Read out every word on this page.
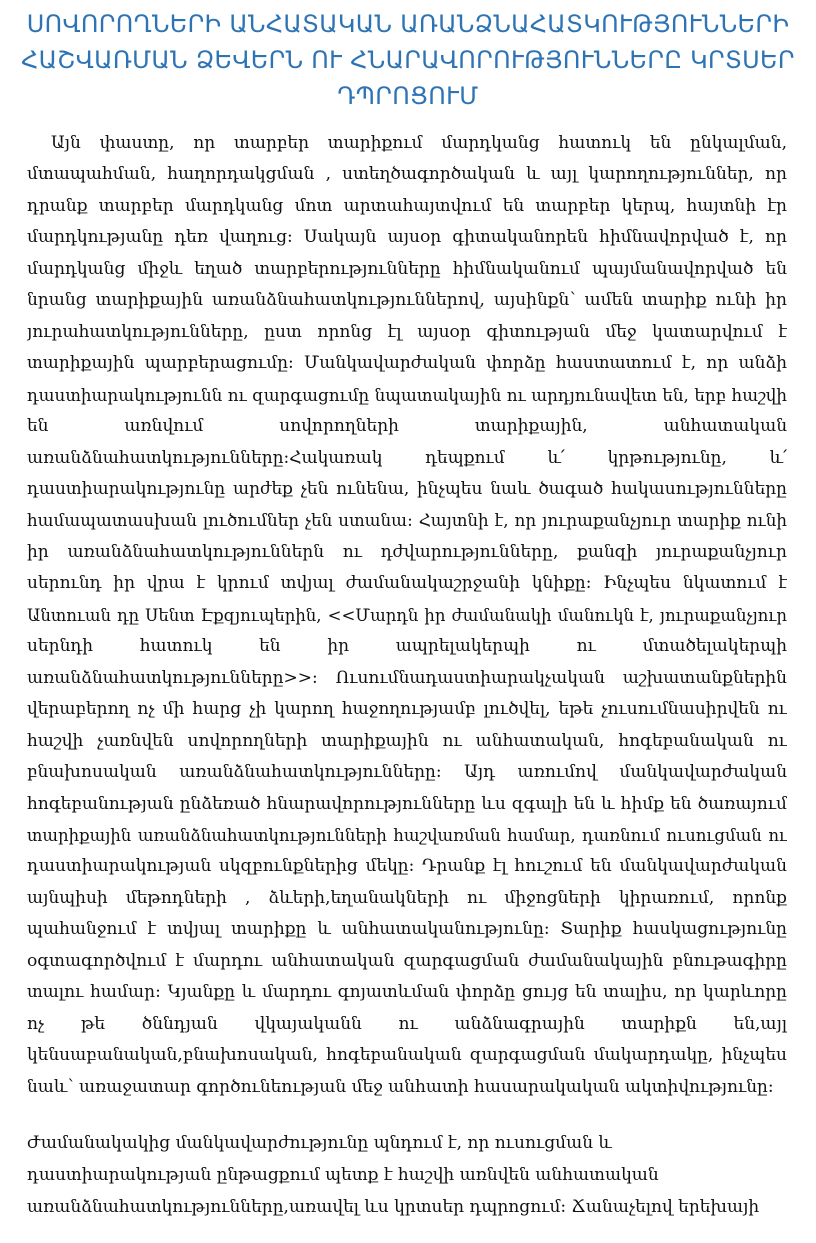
ՍՈՎՈՐՈՂՆԵՐԻ ԱՆՀԱՏԱԿԱՆ ԱՌԱՆՁՆԱՀԱՏԿՈՒԹՅՈՒՆՆԵՐԻ
ՀԱՇՎԱՌՄԱՆ ՁԵՎԵՐՆ ՈՒ ՀՆԱՐԱՎՈՐՈՒԹՅՈՒՆՆԵՐԸ ԿՐՏՍԵՐ
ԴՊՐՈՑՈՒՄ
Այն փաստը, որ տարբեր տարիքում մարդկանց հատուկ են ընկալման,
մտապահման, հաղորդակցման , ստեղծագործական և այլ կարողություններ, որ
դրանք տարբեր մարդկանց մոտ արտահայտվում են տարբեր կերպ, հայտնի էր
մարդկությանը դեռ վաղուց: Սակայն այսօր գիտականորեն հիմնավորված է, որ
մարդկանց միջև եղած տարբերությունները հիմնականում պայմանավորված են
նրանց տարիքային առանձնահատկություններով, այսինքն՝ ամեն տարիք ունի իր
յուրահատկությունները, ըստ որոնց էլ այսօր գիտության մեջ կատարվում է
տարիքային պարբերացումը: Մանկավարժական փորձը հաստատում է, որ անձի
դաստիարակությունն ու զարգացումը նպատակային ու արդյունավետ են, երբ հաշվի
են առնվում սովորողների տարիքային, անհատական
առանձնահատկությունները:Հակառակ դեպքում և՛ կրթությունը, և՛
դաստիարակությունը արժեք չեն ունենա, ինչպես նաև ծագած հակասությունները
համապատասխան լուծումներ չեն ստանա: Հայտնի է, որ յուրաքանչյուր տարիք ունի
իր առանձնահատկություններն ու դժվարությունները, քանզի յուրաքանչյուր
սերունդ իր վրա է կրում տվյալ ժամանակաշրջանի կնիքը: Ինչպես նկատում է
Անտուան դը Սենտ Էքզյուպերին, <<Մարդն իր ժամանակի մանուկն է, յուրաքանչյուր
սերնդի հատուկ են իր ապրելակերպի ու մտածելակերպի
առանձնահատկությունները>>: Ուսումնադաստիարակչական աշխատանքներին
վերաբերող ոչ մի հարց չի կարող հաջողությամբ լուծվել, եթե չուսումնասիրվեն ու
հաշվի չառնվեն սովորողների տարիքային ու անհատական, հոգեբանական ու
բնախոսական առանձնահատկությունները: Այդ առումով մանկավարժական
հոգեբանության ընձեռած հնարավորությունները ևս զգալի են և հիմք են ծառայում
տարիքային առանձնահատկությունների հաշվառման համար, դառնում ուսուցման ու
դաստիարակության սկզբունքներից մեկը: Դրանք էլ հուշում են մանկավարժական
այնպիսի մեթոդների , ձևերի,եղանակների ու միջոցների կիրառում, որոնք
պահանջում է տվյալ տարիքը և անհատականությունը: Տարիք հասկացությունը
օգտագործվում է մարդու անհատական զարգացման ժամանակային բնութագիրը
տալու համար: Կյանքը և մարդու գոյատևման փորձը ցույց են տալիս, որ կարևորը
ոչ թե ծննդյան վկայականն ու անձնագրային տարիքն են,այլ
կենսաբանական,բնախոսական, հոգեբանական զարգացման մակարդակը, ինչպես
նաև՝ առաջատար գործունեության մեջ անհատի հասարակական ակտիվությունը:
Ժամանակակից մանկավարժությունը պնդում է, որ ուսուցման և
դաստիարակության ընթացքում պետք է հաշվի առնվեն անհատական
առանձնահատկությունները,առավել ևս կրտսեր դպրոցում: Ճանաչելով երեխայի
